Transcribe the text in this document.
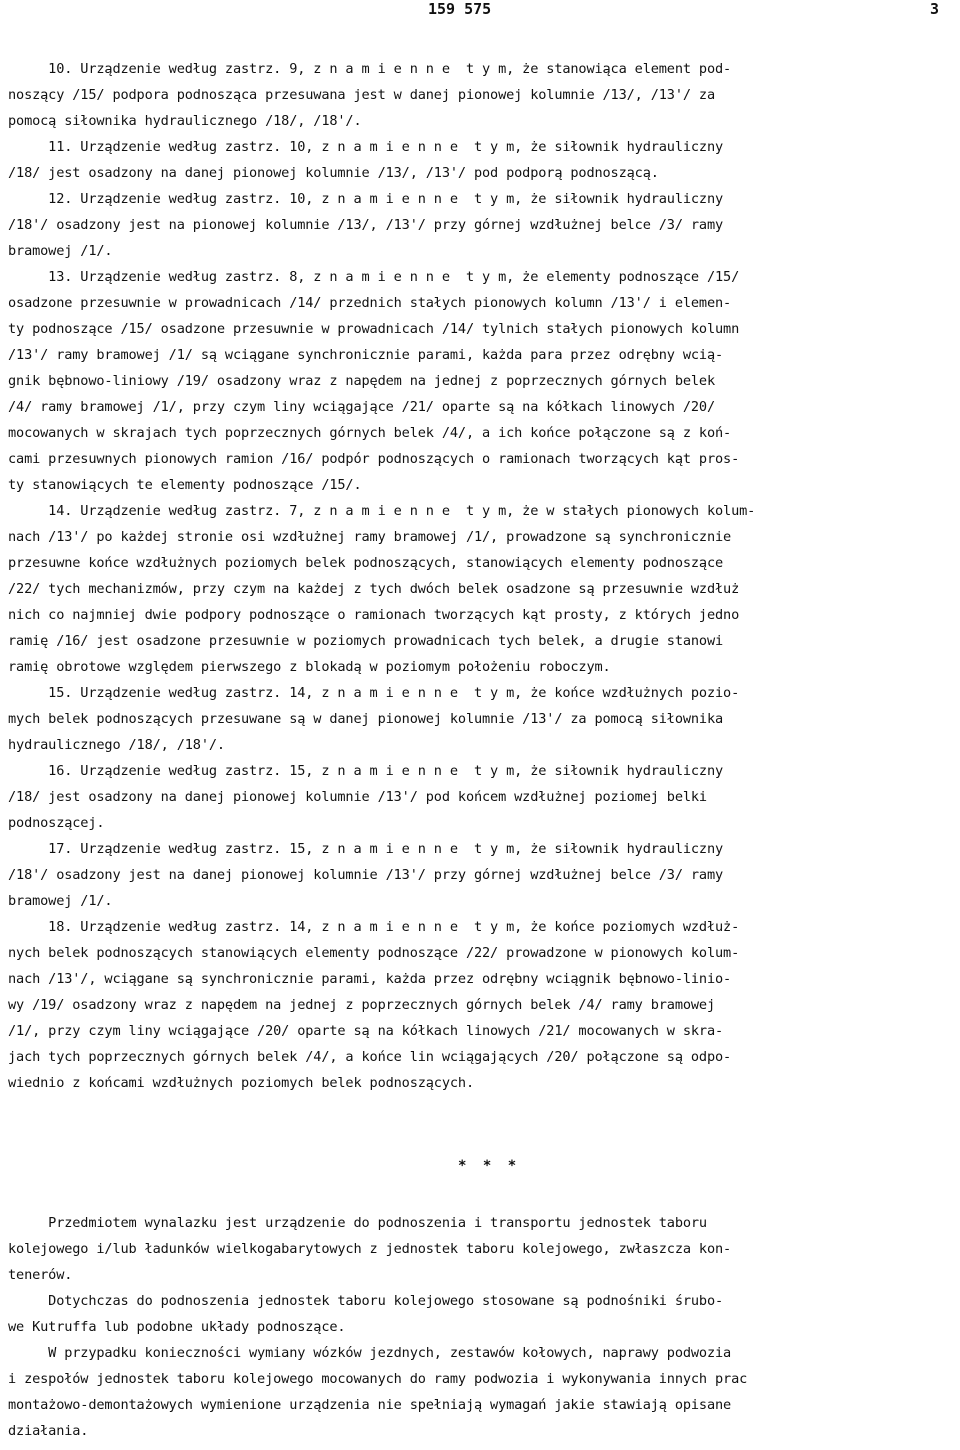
159 575	3
10. Urządzenie według zastrz. 9, z n a m i e n n e  t y m, że stanowiąca element pod-
noszący /15/ podpora podnosząca przesuwana jest w danej pionowej kolumnie /13/, /13'/ za
pomocą siłownika hydraulicznego /18/, /18'/.
11. Urządzenie według zastrz. 10, z n a m i e n n e  t y m, że siłownik hydrauliczny
/18/ jest osadzony na danej pionowej kolumnie /13/, /13'/ pod podporą podnoszącą.
12. Urządzenie według zastrz. 10, z n a m i e n n e  t y m, że siłownik hydrauliczny
/18'/ osadzony jest na pionowej kolumnie /13/, /13'/ przy górnej wzdłużnej belce /3/ ramy
bramowej /1/.
13. Urządzenie według zastrz. 8, z n a m i e n n e  t y m, że elementy podnoszące /15/
osadzone przesuwnie w prowadnicach /14/ przednich stałych pionowych kolumn /13'/ i elemen-
ty podnoszące /15/ osadzone przesuwnie w prowadnicach /14/ tylnich stałych pionowych kolumn
/13'/ ramy bramowej /1/ są wciągane synchronicznie parami, każda para przez odrębny wcią-
gnik bębnowo-liniowy /19/ osadzony wraz z napędem na jednej z poprzecznych górnych belek
/4/ ramy bramowej /1/, przy czym liny wciągające /21/ oparte są na kółkach linowych /20/
mocowanych w skrajach tych poprzecznych górnych belek /4/, a ich końce połączone są z koń-
cami przesuwnych pionowych ramion /16/ podpór podnoszących o ramionach tworzących kąt pros-
ty stanowiących te elementy podnoszące /15/.
14. Urządzenie według zastrz. 7, z n a m i e n n e  t y m, że w stałych pionowych kolum-
nach /13'/ po każdej stronie osi wzdłużnej ramy bramowej /1/, prowadzone są synchronicznie
przesuwne końce wzdłużnych poziomych belek podnoszących, stanowiących elementy podnoszące
/22/ tych mechanizmów, przy czym na każdej z tych dwóch belek osadzone są przesuwnie wzdłuż
nich co najmniej dwie podpory podnoszące o ramionach tworzących kąt prosty, z których jedno
ramię /16/ jest osadzone przesuwnie w poziomych prowadnicach tych belek, a drugie stanowi
ramię obrotowe względem pierwszego z blokadą w poziomym położeniu roboczym.
15. Urządzenie według zastrz. 14, z n a m i e n n e  t y m, że końce wzdłużnych pozio-
mych belek podnoszących przesuwane są w danej pionowej kolumnie /13'/ za pomocą siłownika
hydraulicznego /18/, /18'/.
16. Urządzenie według zastrz. 15, z n a m i e n n e  t y m, że siłownik hydrauliczny
/18/ jest osadzony na danej pionowej kolumnie /13'/ pod końcem wzdłużnej poziomej belki
podnoszącej.
17. Urządzenie według zastrz. 15, z n a m i e n n e  t y m, że siłownik hydrauliczny
/18'/ osadzony jest na danej pionowej kolumnie /13'/ przy górnej wzdłużnej belce /3/ ramy
bramowej /1/.
18. Urządzenie według zastrz. 14, z n a m i e n n e  t y m, że końce poziomych wzdłuż-
nych belek podnoszących stanowiących elementy podnoszące /22/ prowadzone w pionowych kolum-
nach /13'/, wciągane są synchronicznie parami, każda przez odrębny wciągnik bębnowo-linio-
wy /19/ osadzony wraz z napędem na jednej z poprzecznych górnych belek /4/ ramy bramowej
/1/, przy czym liny wciągające /20/ oparte są na kółkach linowych /21/ mocowanych w skra-
jach tych poprzecznych górnych belek /4/, a końce lin wciągających /20/ połączone są odpo-
wiednio z końcami wzdłużnych poziomych belek podnoszących.
Przedmiotem wynalazku jest urządzenie do podnoszenia i transportu jednostek taboru
kolejowego i/lub ładunków wielkogabarytowych z jednostek taboru kolejowego, zwłaszcza kon-
tenerów.
Dotychczas do podnoszenia jednostek taboru kolejowego stosowane są podnośniki śrubo-
we Kutruffa lub podobne układy podnoszące.
W przypadku konieczności wymiany wózków jezdnych, zestawów kołowych, naprawy podwozia
i zespołów jednostek taboru kolejowego mocowanych do ramy podwozia i wykonywania innych prac
montażowo-demontażowych wymienione urządzenia nie spełniają wymagań jakie stawiają opisane
działania.
* * *
